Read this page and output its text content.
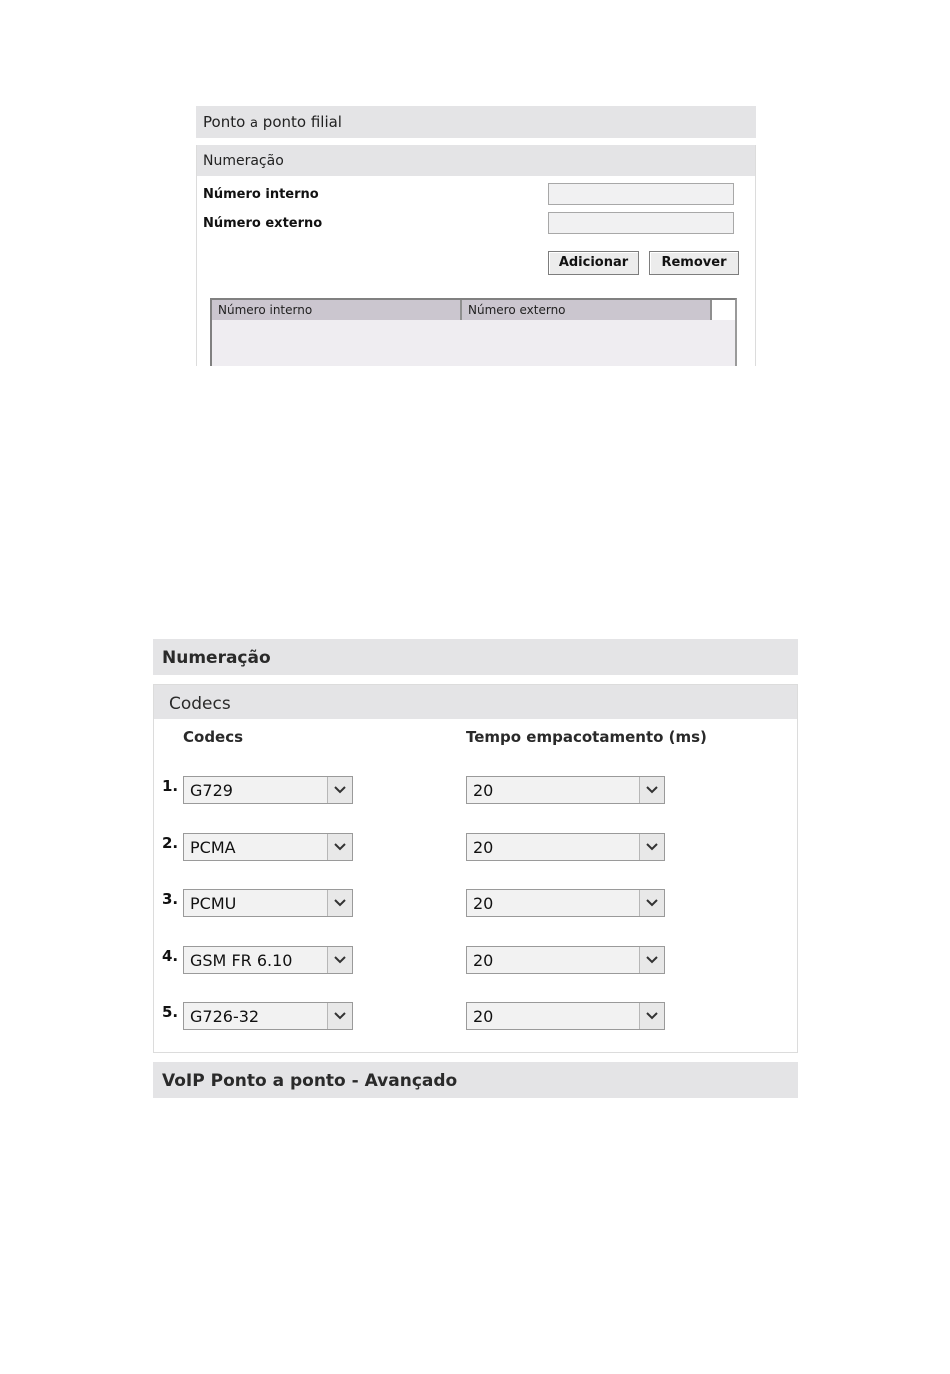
Ponto a ponto filial
Numeração
Número interno
Número externo
Adicionar	Remover
Número interno	Número externo
Numeração
Codecs
Codecs	Tempo empacotamento (ms)
1. G729	20
2. PCMA	20
3. PCMU	20
4. GSM FR 6.10	20
5. G726-32	20
VoIP Ponto a ponto - Avançado
